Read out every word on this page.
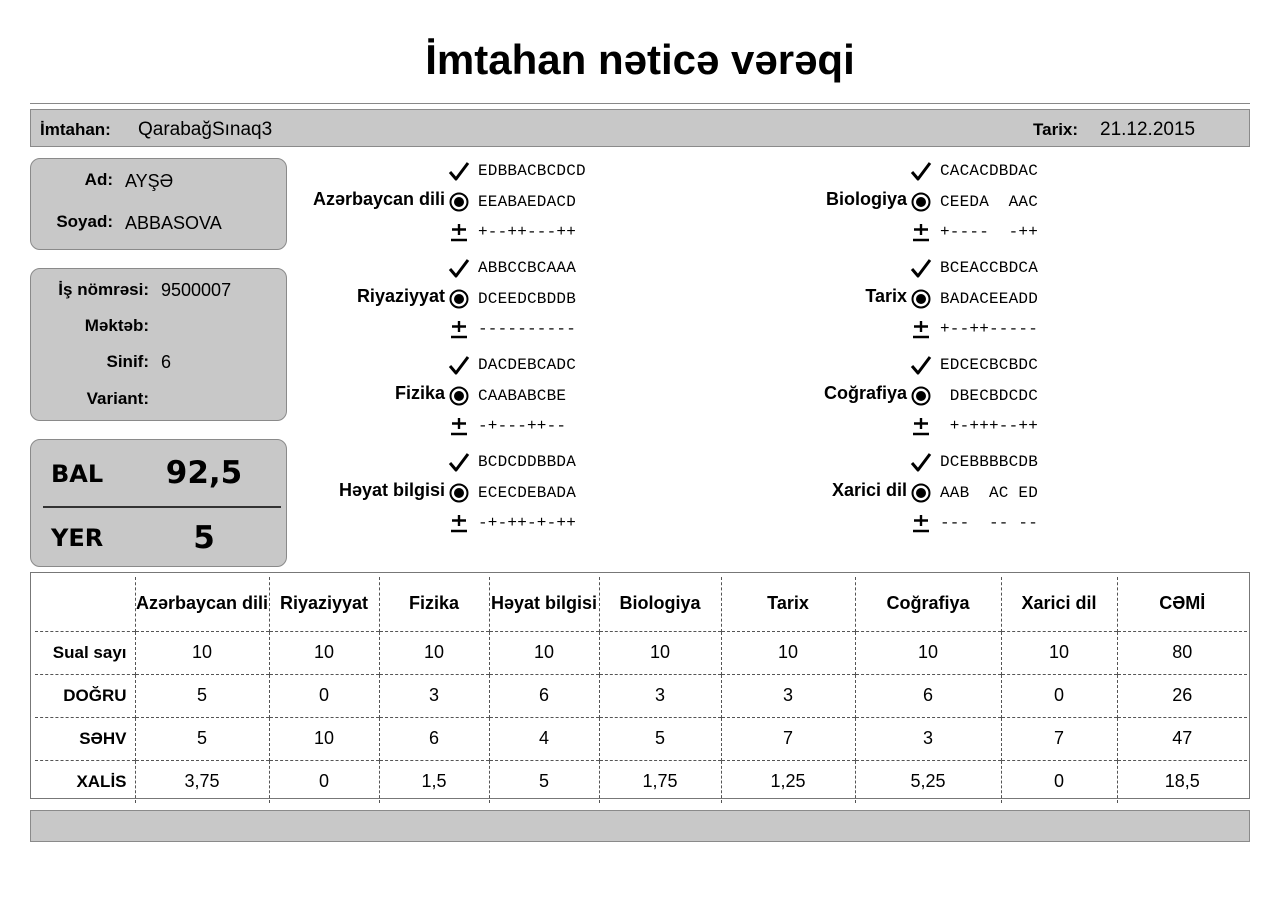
İmtahan nəticə vərəqi
İmtahan: QarabağSınaq3	Tarix: 21.12.2015
Ad: AYŞƏ
Soyad: ABBASOVA
İş nömrəsi: 9500007
Məktəb:
Sinif: 6
Variant:
BAL 92,5
YER	5
Azərbaycan dili
EDBBACBCDCD
EEABAEDACD
+--++---++
Biologiya
CACACDBDAC
CEEDA  AAC
+----  -++
Riyaziyyat
ABBCCBCAAA
DCEEDCBDDB
----------
Tarix
BCEACCBDCA
BADACEEADD
+--++-----
Fizika
DACDEBCADC
CAABABCBE
-+---++--
Coğrafiya
EDCECBCBDC
DBECBDCDC
+-+++--++
Həyat bilgisi
BCDCDDBBDA
ECECDEBADA
-+-++-+-++
Xarici dil
DCEBBBBCDB
AAB  AC ED
---  -- --
	Azərbaycan dili	Riyaziyyat	Fizika	Həyat bilgisi	Biologiya	Tarix	Coğrafiya	Xarici dil	CƏMİ
Sual sayı	10	10	10	10	10	10	10	10	80
DOĞRU	5	0	3	6	3	3	6	0	26
SƏHV	5	10	6	4	5	7	3	7	47
XALİS	3,75	0	1,5	5	1,75	1,25	5,25	0	18,5
